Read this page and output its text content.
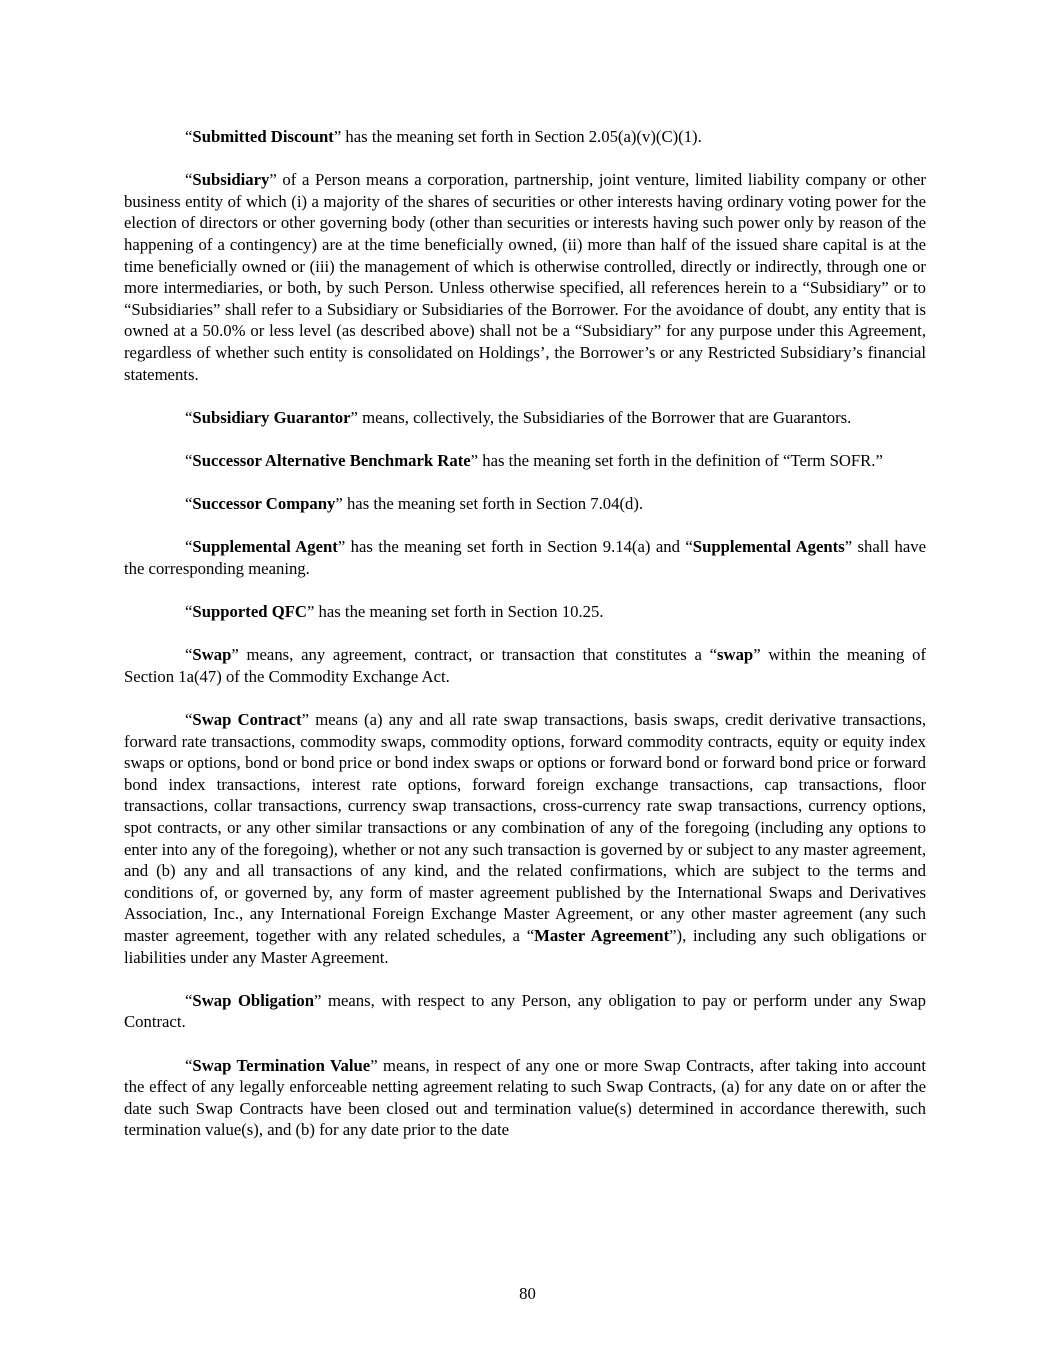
“Submitted Discount” has the meaning set forth in Section 2.05(a)(v)(C)(1).

“Subsidiary” of a Person means a corporation, partnership, joint venture, limited liability company or other business entity of which (i) a majority of the shares of securities or other interests having ordinary voting power for the election of directors or other governing body (other than securities or interests having such power only by reason of the happening of a contingency) are at the time beneficially owned, (ii) more than half of the issued share capital is at the time beneficially owned or (iii) the management of which is otherwise controlled, directly or indirectly, through one or more intermediaries, or both, by such Person. Unless otherwise specified, all references herein to a “Subsidiary” or to “Subsidiaries” shall refer to a Subsidiary or Subsidiaries of the Borrower. For the avoidance of doubt, any entity that is owned at a 50.0% or less level (as described above) shall not be a “Subsidiary” for any purpose under this Agreement, regardless of whether such entity is consolidated on Holdings’, the Borrower’s or any Restricted Subsidiary’s financial statements.

“Subsidiary Guarantor” means, collectively, the Subsidiaries of the Borrower that are Guarantors.

“Successor Alternative Benchmark Rate” has the meaning set forth in the definition of “Term SOFR.”

“Successor Company” has the meaning set forth in Section 7.04(d).

“Supplemental Agent” has the meaning set forth in Section 9.14(a) and “Supplemental Agents” shall have the corresponding meaning.

“Supported QFC” has the meaning set forth in Section 10.25.

“Swap” means, any agreement, contract, or transaction that constitutes a “swap” within the meaning of Section 1a(47) of the Commodity Exchange Act.

“Swap Contract” means (a) any and all rate swap transactions, basis swaps, credit derivative transactions, forward rate transactions, commodity swaps, commodity options, forward commodity contracts, equity or equity index swaps or options, bond or bond price or bond index swaps or options or forward bond or forward bond price or forward bond index transactions, interest rate options, forward foreign exchange transactions, cap transactions, floor transactions, collar transactions, currency swap transactions, cross-currency rate swap transactions, currency options, spot contracts, or any other similar transactions or any combination of any of the foregoing (including any options to enter into any of the foregoing), whether or not any such transaction is governed by or subject to any master agreement, and (b) any and all transactions of any kind, and the related confirmations, which are subject to the terms and conditions of, or governed by, any form of master agreement published by the International Swaps and Derivatives Association, Inc., any International Foreign Exchange Master Agreement, or any other master agreement (any such master agreement, together with any related schedules, a “Master Agreement”), including any such obligations or liabilities under any Master Agreement.

“Swap Obligation” means, with respect to any Person, any obligation to pay or perform under any Swap Contract.

“Swap Termination Value” means, in respect of any one or more Swap Contracts, after taking into account the effect of any legally enforceable netting agreement relating to such Swap Contracts, (a) for any date on or after the date such Swap Contracts have been closed out and termination value(s) determined in accordance therewith, such termination value(s), and (b) for any date prior to the date

80
